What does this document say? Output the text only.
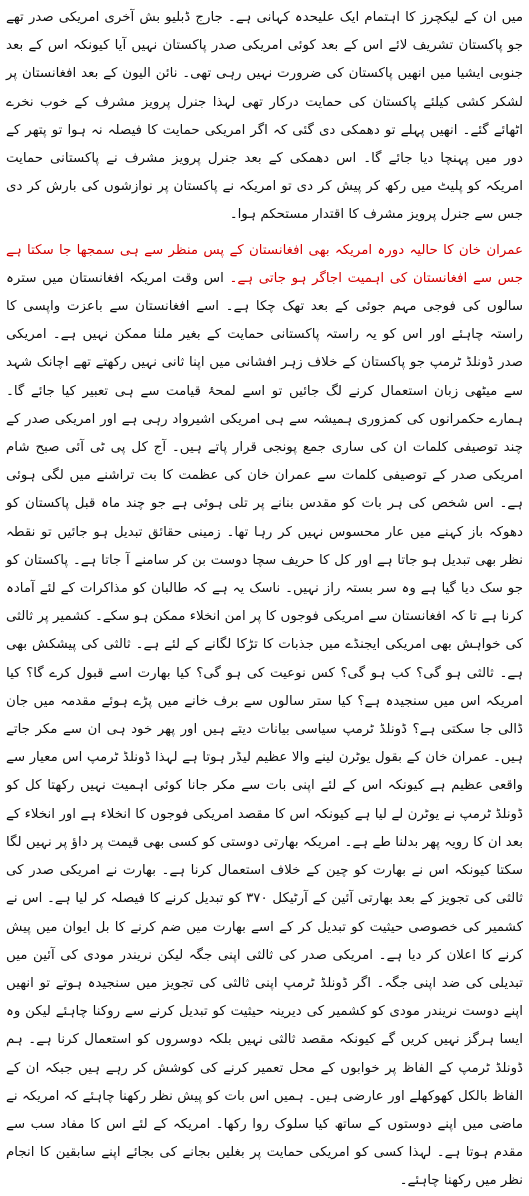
میں ان کے لیکچرز کا اہتمام ایک علیحدہ کہانی ہے۔ جارج ڈبلیو بش آخری امریکی صدر تھے جو پاکستان تشریف لائے اس کے بعد کوئی امریکی صدر پاکستان نہیں آیا کیونکہ اس کے بعد جنوبی ایشیا میں انھیں پاکستان کی ضرورت نہیں رہی تھی۔ نائن الیون کے بعد افغانستان پر لشکر کشی کیلئے پاکستان کی حمایت درکار تھی لہذا جنرل پرویز مشرف کے خوب نخرے اٹھائے گئے۔ انھیں پہلے تو دھمکی دی گئی کہ اگر امریکی حمایت کا فیصلہ نہ ہوا تو پتھر کے دور میں پہنچا دیا جائے گا۔ اس دھمکی کے بعد جنرل پرویز مشرف نے پاکستانی حمایت امریکہ کو پلیٹ میں رکھ کر پیش کر دی تو امریکہ نے پاکستان پر نوازشوں کی بارش کر دی جس سے جنرل پرویز مشرف کا اقتدار مستحکم ہوا۔

عمران خان کا حالیہ دورہ امریکہ بھی افغانستان کے پس منظر سے ہی سمجھا جا سکتا ہے جس سے افغانستان کی اہمیت اجاگر ہو جاتی ہے۔ اس وقت امریکہ افغانستان میں سترہ سالوں کی فوجی مہم جوئی کے بعد تھک چکا ہے۔ اسے افغانستان سے باعزت واپسی کا راستہ چاہئے اور اس کو یہ راستہ پاکستانی حمایت کے بغیر ملنا ممکن نہیں ہے۔ امریکی صدر ڈونلڈ ٹرمپ جو پاکستان کے خلاف زہر افشانی میں اپنا ثانی نہیں رکھتے تھے اچانک شہد سے میٹھی زبان استعمال کرنے لگ جائیں تو اسے لمحۂ قیامت سے ہی تعبیر کیا جائے گا۔ ہمارے حکمرانوں کی کمزوری ہمیشہ سے ہی امریکی اشیرواد رہی ہے اور امریکی صدر کے چند توصیفی کلمات ان کی ساری جمع پونجی قرار پاتے ہیں۔ آج کل پی ٹی آئی صبح شام امریکی صدر کے توصیفی کلمات سے عمران خان کی عظمت کا بت تراشنے میں لگی ہوئی ہے۔ اس شخص کی ہر بات کو مقدس بنانے پر تلی ہوئی ہے جو چند ماہ قبل پاکستان کو دھوکہ باز کہنے میں عار محسوس نہیں کر رہا تھا۔ زمینی حقائق تبدیل ہو جائیں تو نقطہ نظر بھی تبدیل ہو جاتا ہے اور کل کا حریف سچا دوست بن کر سامنے آ جاتا ہے۔ پاکستان کو جو سک دیا گیا ہے وہ سر بستہ راز نہیں۔ ناسک یہ ہے کہ طالبان کو مذاکرات کے لئے آمادہ کرنا ہے تا کہ افغانستان سے امریکی فوجوں کا پر امن انخلاء ممکن ہو سکے۔ کشمیر پر ثالثی کی خواہش بھی امریکی ایجنڈے میں جذبات کا تڑکا لگانے کے لئے ہے۔ ثالثی کی پیشکش بھی ہے۔ ثالثی ہو گی؟ کب ہو گی؟ کس نوعیت کی ہو گی؟ کیا بھارت اسے قبول کرے گا؟ کیا امریکہ اس میں سنجیدہ ہے؟ کیا ستر سالوں سے برف خانے میں پڑے ہوئے مقدمہ میں جان ڈالی جا سکتی ہے؟ ڈونلڈ ٹرمپ سیاسی بیانات دیتے ہیں اور پھر خود ہی ان سے مکر جاتے ہیں۔ عمران خان کے بقول یوٹرن لینے والا عظیم لیڈر ہوتا ہے لہذا ڈونلڈ ٹرمپ اس معیار سے واقعی عظیم ہے کیونکہ اس کے لئے اپنی بات سے مکر جانا کوئی اہمیت نہیں رکھتا کل کو ڈونلڈ ٹرمپ نے یوٹرن لے لیا ہے کیونکہ اس کا مقصد امریکی فوجوں کا انخلاء ہے اور انخلاء کے بعد ان کا رویہ پھر بدلنا طے ہے۔ امریکہ بھارتی دوستی کو کسی بھی قیمت پر داؤ پر نہیں لگا سکتا کیونکہ اس نے بھارت کو چین کے خلاف استعمال کرنا ہے۔ بھارت نے امریکی صدر کی ثالثی کی تجویز کے بعد بھارتی آئین کے آرٹیکل ۳۷۰ کو تبدیل کرنے کا فیصلہ کر لیا ہے۔ اس نے کشمیر کی خصوصی حیثیت کو تبدیل کر کے اسے بھارت میں ضم کرنے کا بل ایوان میں پیش کرنے کا اعلان کر دیا ہے۔ امریکی صدر کی ثالثی اپنی جگہ لیکن نریندر مودی کی آئین میں تبدیلی کی ضد اپنی جگہ۔ اگر ڈونلڈ ٹرمپ اپنی ثالثی کی تجویز میں سنجیدہ ہوتے تو انھیں اپنے دوست نریندر مودی کو کشمیر کی دیرینہ حیثیت کو تبدیل کرنے سے روکنا چاہئے لیکن وہ ایسا ہرگز نہیں کریں گے کیونکہ مقصد ثالثی نہیں بلکہ دوسروں کو استعمال کرنا ہے۔ ہم ڈونلڈ ٹرمپ کے الفاظ پر خوابوں کے محل تعمیر کرنے کی کوشش کر رہے ہیں جبکہ ان کے الفاظ بالکل کھوکھلے اور عارضی ہیں۔ ہمیں اس بات کو پیش نظر رکھنا چاہئے کہ امریکہ نے ماضی میں اپنے دوستوں کے ساتھ کیا سلوک روا رکھا۔ امریکہ کے لئے اس کا مفاد سب سے مقدم ہوتا ہے۔ لہذا کسی کو امریکی حمایت پر بغلیں بجانے کی بجائے اپنے سابقین کا انجام نظر میں رکھنا چاہئے۔
